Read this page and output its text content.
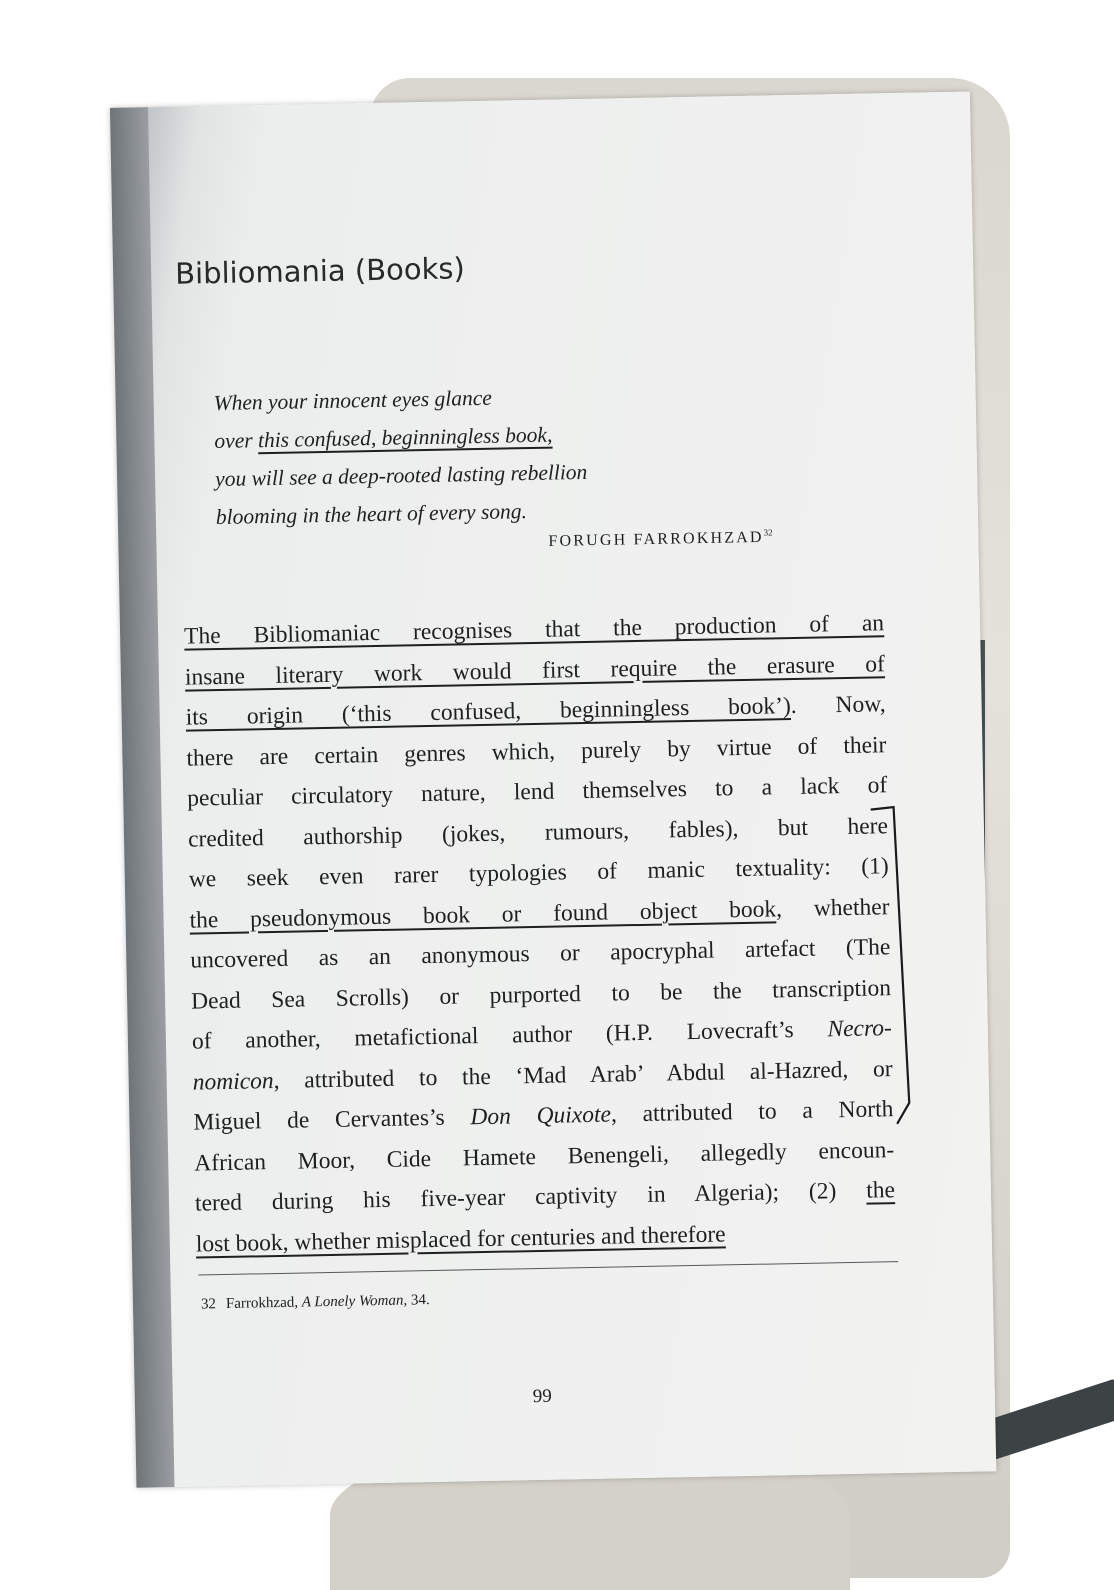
Bibliomania (Books)
When your innocent eyes glance
over this confused, beginningless book,
you will see a deep-rooted lasting rebellion
blooming in the heart of every song.
FORUGH FARROKHZAD$^{32}$
The Bibliomaniac recognises that the production of an
insane literary work would first require the erasure of
its origin (‘this confused, beginningless book’). Now,
there are certain genres which, purely by virtue of their
peculiar circulatory nature, lend themselves to a lack of
credited authorship (jokes, rumours, fables), but here
we seek even rarer typologies of manic textuality: (1)
the pseudonymous book or found object book, whether
uncovered as an anonymous or apocryphal artefact (The
Dead Sea Scrolls) or purported to be the transcription
of another, metafictional author (H.P. Lovecraft’s Necro-
nomicon, attributed to the ‘Mad Arab’ Abdul al-Hazred, or
Miguel de Cervantes’s Don Quixote, attributed to a North
African Moor, Cide Hamete Benengeli, allegedly encoun-
tered during his five-year captivity in Algeria); (2) the
lost book, whether misplaced for centuries and therefore
32 Farrokhzad, A Lonely Woman, 34.
99
